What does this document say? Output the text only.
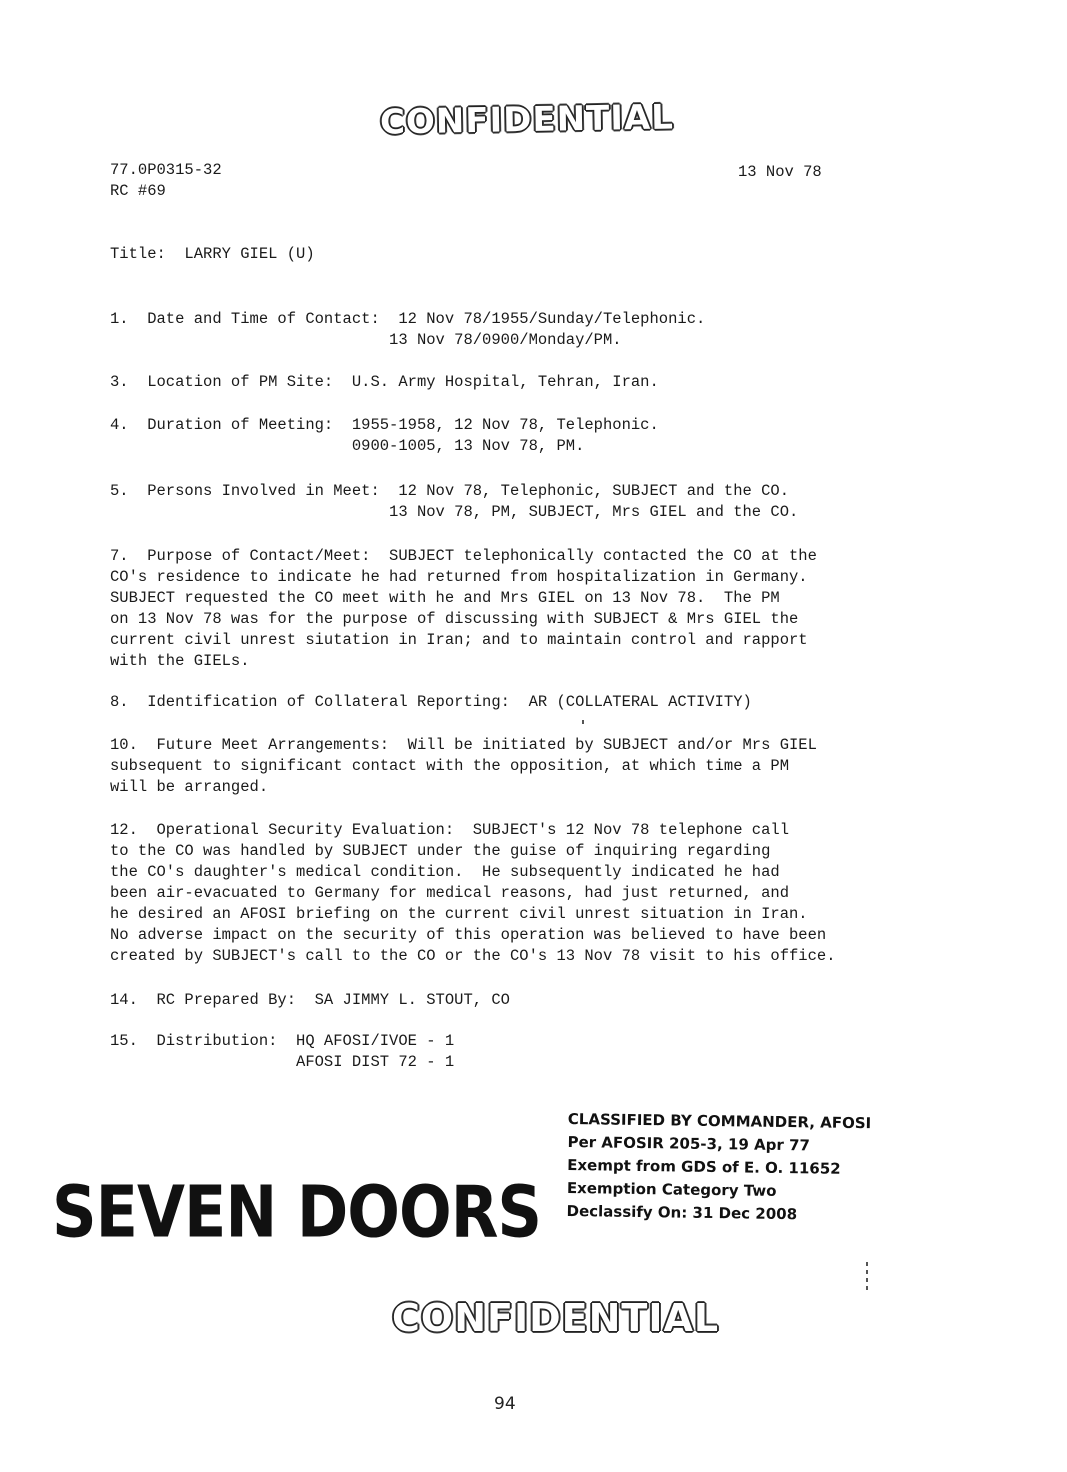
CONFIDENTIAL
77.0P0315-32
RC #69
13 Nov 78
Title:  LARRY GIEL (U)
1.  Date and Time of Contact:  12 Nov 78/1955/Sunday/Telephonic.
13 Nov 78/0900/Monday/PM.
3.  Location of PM Site:  U.S. Army Hospital, Tehran, Iran.
4.  Duration of Meeting:  1955-1958, 12 Nov 78, Telephonic.
0900-1005, 13 Nov 78, PM.
5.  Persons Involved in Meet:  12 Nov 78, Telephonic, SUBJECT and the CO.
13 Nov 78, PM, SUBJECT, Mrs GIEL and the CO.
7.  Purpose of Contact/Meet:  SUBJECT telephonically contacted the CO at the
CO's residence to indicate he had returned from hospitalization in Germany.
SUBJECT requested the CO meet with he and Mrs GIEL on 13 Nov 78.  The PM
on 13 Nov 78 was for the purpose of discussing with SUBJECT & Mrs GIEL the
current civil unrest siutation in Iran; and to maintain control and rapport
with the GIELs.
8.  Identification of Collateral Reporting:  AR (COLLATERAL ACTIVITY)
10.  Future Meet Arrangements:  Will be initiated by SUBJECT and/or Mrs GIEL
subsequent to significant contact with the opposition, at which time a PM
will be arranged.
12.  Operational Security Evaluation:  SUBJECT's 12 Nov 78 telephone call
to the CO was handled by SUBJECT under the guise of inquiring regarding
the CO's daughter's medical condition.  He subsequently indicated he had
been air-evacuated to Germany for medical reasons, had just returned, and
he desired an AFOSI briefing on the current civil unrest situation in Iran.
No adverse impact on the security of this operation was believed to have been
created by SUBJECT's call to the CO or the CO's 13 Nov 78 visit to his office.
14.  RC Prepared By:  SA JIMMY L. STOUT, CO
15.  Distribution:  HQ AFOSI/IVOE - 1
AFOSI DIST 72 - 1
CLASSIFIED BY COMMANDER, AFOSI
Per AFOSIR 205-3, 19 Apr 77
Exempt from GDS of E. O. 11652
Exemption Category Two
Declassify On: 31 Dec 2008
SEVEN DOORS
CONFIDENTIAL
94
